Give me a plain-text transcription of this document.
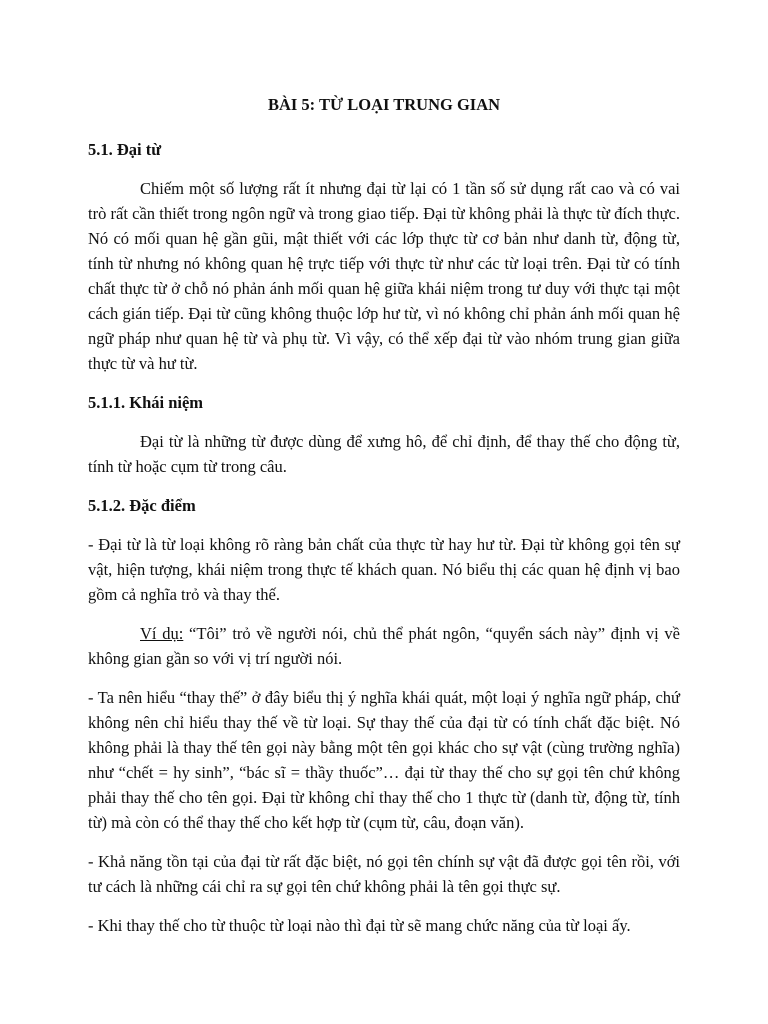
BÀI 5: TỪ LOẠI TRUNG GIAN
5.1. Đại từ

Chiếm một số lượng rất ít nhưng đại từ lại có 1 tần số sử dụng rất cao và có vai trò rất cần thiết trong ngôn ngữ và trong giao tiếp. Đại từ không phải là thực từ đích thực. Nó có mối quan hệ gần gũi, mật thiết với các lớp thực từ cơ bản như danh từ, động từ, tính từ nhưng nó không quan hệ trực tiếp với thực từ như các từ loại trên. Đại từ có tính chất thực từ ở chỗ nó phản ánh mối quan hệ giữa khái niệm trong tư duy với thực tại một cách gián tiếp. Đại từ cũng không thuộc lớp hư từ, vì nó không chỉ phản ánh mối quan hệ ngữ pháp như quan hệ từ và phụ từ. Vì vậy, có thể xếp đại từ vào nhóm trung gian giữa thực từ và hư từ.

5.1.1. Khái niệm

Đại từ là những từ được dùng để xưng hô, để chỉ định, để thay thế cho động từ, tính từ hoặc cụm từ trong câu.

5.1.2. Đặc điểm

- Đại từ là từ loại không rõ ràng bản chất của thực từ hay hư từ. Đại từ không gọi tên sự vật, hiện tượng, khái niệm trong thực tế khách quan. Nó biểu thị các quan hệ định vị bao gồm cả nghĩa trỏ và thay thế.

Ví dụ: “Tôi” trỏ về người nói, chủ thể phát ngôn, “quyển sách này” định vị về không gian gần so với vị trí người nói.

- Ta nên hiểu “thay thế” ở đây biểu thị ý nghĩa khái quát, một loại ý nghĩa ngữ pháp, chứ không nên chỉ hiểu thay thế về từ loại. Sự thay thế của đại từ có tính chất đặc biệt. Nó không phải là thay thế tên gọi này bằng một tên gọi khác cho sự vật (cùng trường nghĩa) như “chết = hy sinh”, “bác sĩ = thầy thuốc”… đại từ thay thế cho sự gọi tên chứ không phải thay thế cho tên gọi. Đại từ không chỉ thay thế cho 1 thực từ (danh từ, động từ, tính từ) mà còn có thể thay thế cho kết hợp từ (cụm từ, câu, đoạn văn).

- Khả năng tồn tại của đại từ rất đặc biệt, nó gọi tên chính sự vật đã được gọi tên rồi, với tư cách là những cái chỉ ra sự gọi tên chứ không phải là tên gọi thực sự.

- Khi thay thế cho từ thuộc từ loại nào thì đại từ sẽ mang chức năng của từ loại ấy.
